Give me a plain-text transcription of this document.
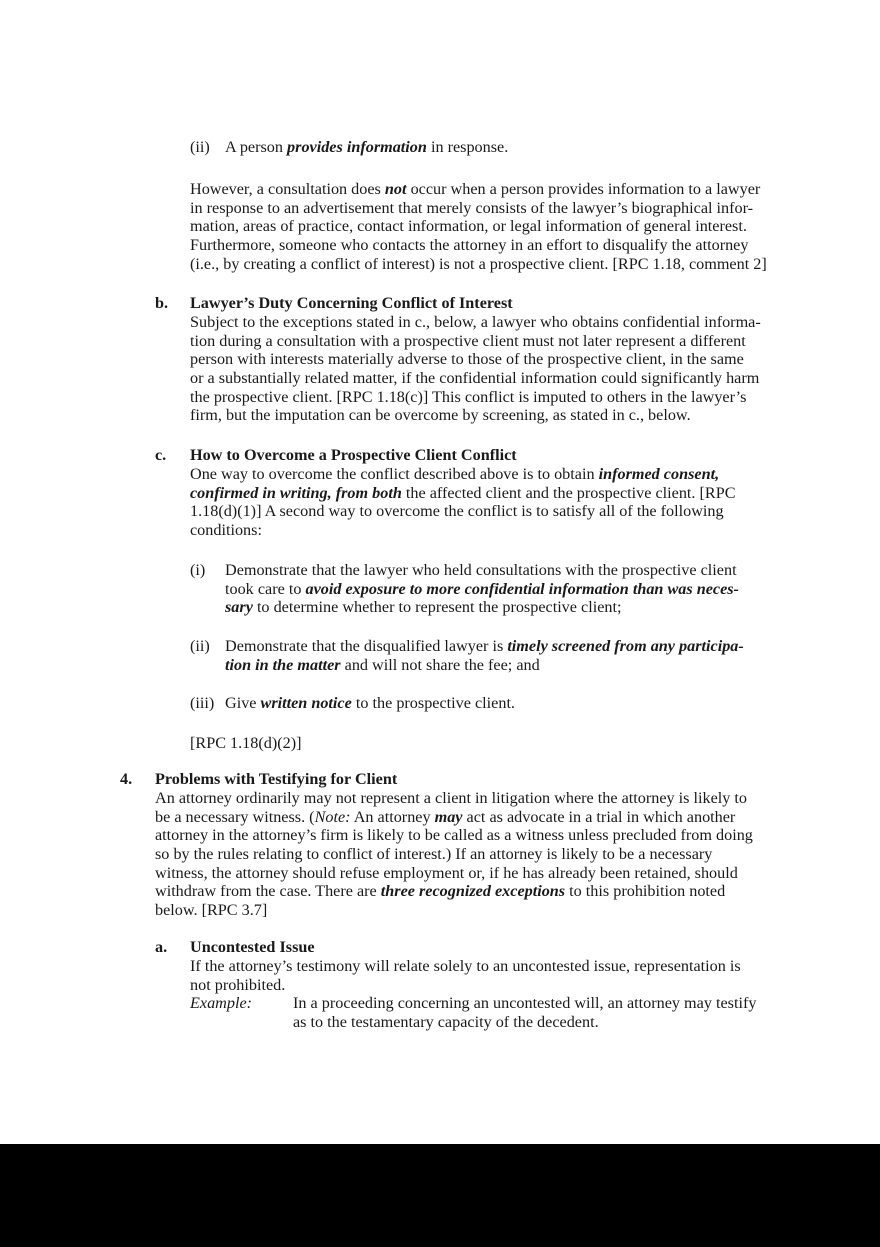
(ii) A person provides information in response.
However, a consultation does not occur when a person provides information to a lawyer
in response to an advertisement that merely consists of the lawyer’s biographical infor-
mation, areas of practice, contact information, or legal information of general interest.
Furthermore, someone who contacts the attorney in an effort to disqualify the attorney
(i.e., by creating a conflict of interest) is not a prospective client. [RPC 1.18, comment 2]
b. Lawyer’s Duty Concerning Conflict of Interest
Subject to the exceptions stated in c., below, a lawyer who obtains confidential informa-
tion during a consultation with a prospective client must not later represent a different
person with interests materially adverse to those of the prospective client, in the same
or a substantially related matter, if the confidential information could significantly harm
the prospective client. [RPC 1.18(c)] This conflict is imputed to others in the lawyer’s
firm, but the imputation can be overcome by screening, as stated in c., below.
c. How to Overcome a Prospective Client Conflict
One way to overcome the conflict described above is to obtain informed consent,
confirmed in writing, from both the affected client and the prospective client. [RPC
1.18(d)(1)] A second way to overcome the conflict is to satisfy all of the following
conditions:
(i) Demonstrate that the lawyer who held consultations with the prospective client
took care to avoid exposure to more confidential information than was neces-
sary to determine whether to represent the prospective client;
(ii) Demonstrate that the disqualified lawyer is timely screened from any participa-
tion in the matter and will not share the fee; and
(iii) Give written notice to the prospective client.
[RPC 1.18(d)(2)]
4. Problems with Testifying for Client
An attorney ordinarily may not represent a client in litigation where the attorney is likely to
be a necessary witness. (Note: An attorney may act as advocate in a trial in which another
attorney in the attorney’s firm is likely to be called as a witness unless precluded from doing
so by the rules relating to conflict of interest.) If an attorney is likely to be a necessary
witness, the attorney should refuse employment or, if he has already been retained, should
withdraw from the case. There are three recognized exceptions to this prohibition noted
below. [RPC 3.7]
a. Uncontested Issue
If the attorney’s testimony will relate solely to an uncontested issue, representation is
not prohibited.
Example:	In a proceeding concerning an uncontested will, an attorney may testify
as to the testamentary capacity of the decedent.
